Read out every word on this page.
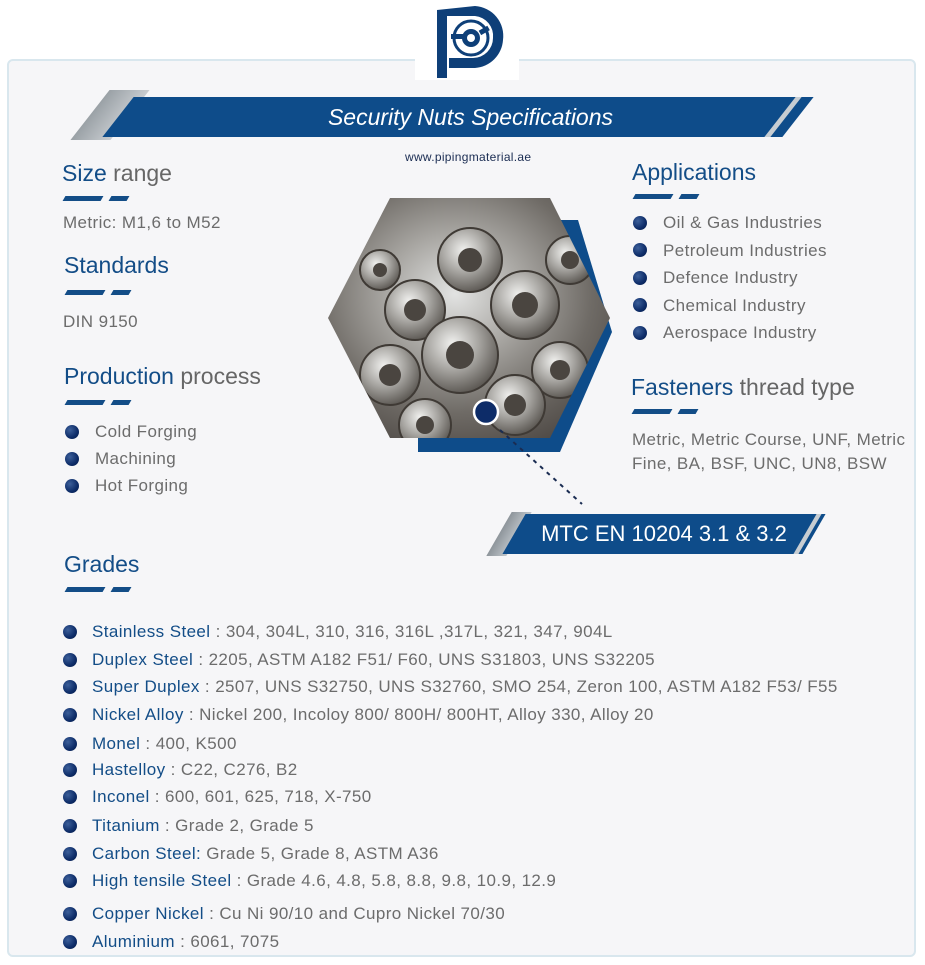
Security Nuts Specifications
www.pipingmaterial.ae
Size range
Metric: M1,6 to M52
Standards
DIN 9150
Production process
Cold Forging
Machining
Hot Forging
Applications
Oil & Gas Industries
Petroleum Industries
Defence Industry
Chemical Industry
Aerospace Industry
Fasteners thread type
Metric, Metric Course, UNF, Metric Fine, BA, BSF, UNC, UN8, BSW
MTC EN 10204 3.1 & 3.2
Grades
Stainless Steel : 304, 304L, 310, 316, 316L ,317L, 321, 347, 904L
Duplex Steel : 2205, ASTM A182 F51/ F60, UNS S31803, UNS S32205
Super Duplex : 2507, UNS S32750, UNS S32760, SMO 254, Zeron 100, ASTM A182 F53/ F55
Nickel Alloy : Nickel 200, Incoloy 800/ 800H/ 800HT, Alloy 330, Alloy 20
Monel : 400, K500
Hastelloy : C22, C276, B2
Inconel : 600, 601, 625, 718, X-750
Titanium : Grade 2, Grade 5
Carbon Steel: Grade 5, Grade 8, ASTM A36
High tensile Steel : Grade 4.6, 4.8, 5.8, 8.8, 9.8, 10.9, 12.9
Copper Nickel : Cu Ni 90/10 and Cupro Nickel 70/30
Aluminium : 6061, 7075
